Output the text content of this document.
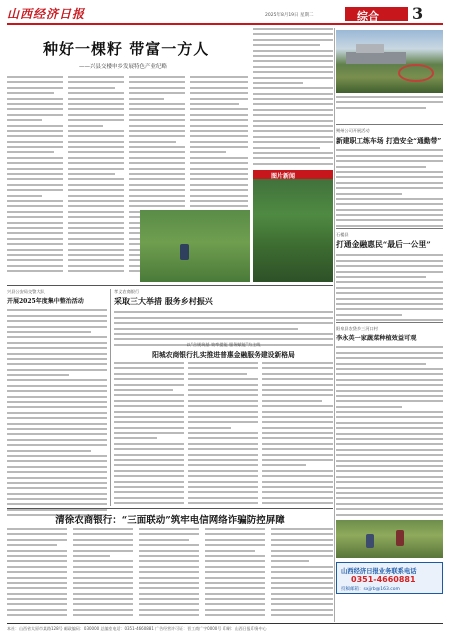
山西经济日报	2025年8月19日 星期二	综合 3
种好一棵籽 带富一方人
——兴县交楼申乡发展特色产业纪略
朔州公司开展活动
新建职工练车场 打造安全“通勤带”
石楼县
打通金融惠民“最后一公里”
阳泉县农贷乡三河口村
李永英一家蔬菜种植效益可观
山西经济日报业务联系电话
0351-4660881
投稿邮箱：sxjjrb@163.com
图片新闻
兴县公安局交警大队
开展2025年度集中整治活动
孝义农商银行
采取三大举措 服务乡村振兴
以“合规筑基 效率提能 服务赋能”为主线
阳城农商银行扎实推进普惠金融服务建设新格局
清徐农商银行：“三面联动”筑牢电信网络诈骗防控屏障
本社：山西省太原市某路128号 邮政编码：030000 总编室电话：0351-4660881 广告经营许可证：晋工商广字0000号 印刷：山西日报印务中心
